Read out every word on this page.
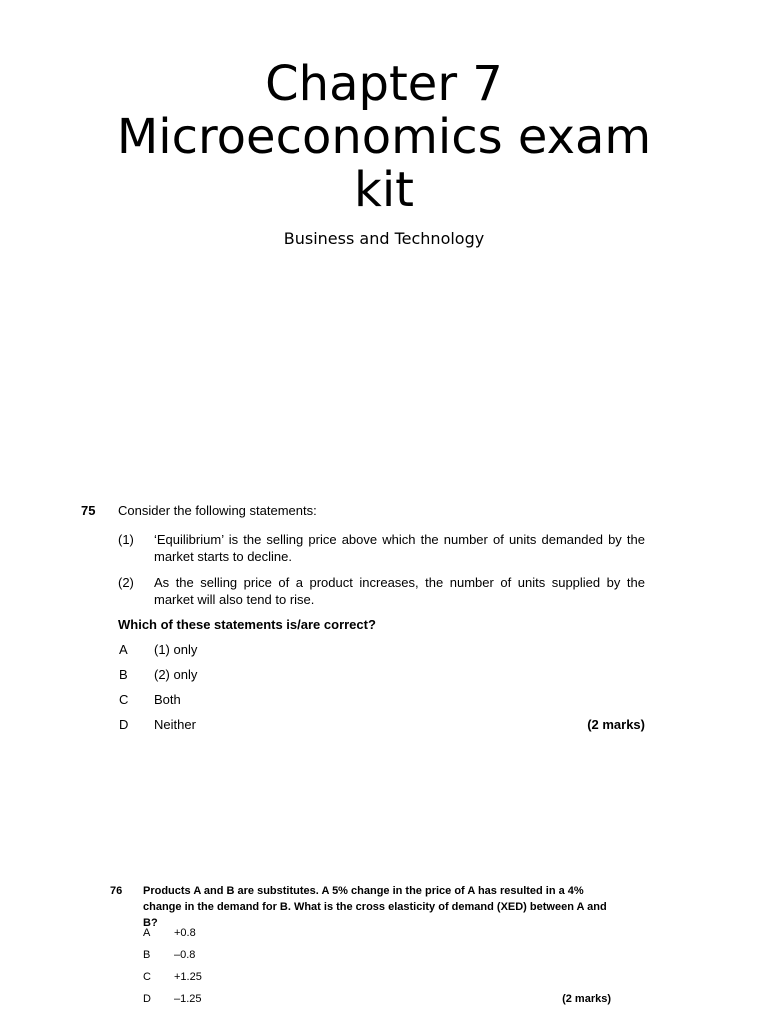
Chapter 7
Microeconomics exam
kit
Business and Technology
75 Consider the following statements:
(1) ‘Equilibrium’ is the selling price above which the number of units demanded by the market starts to decline.
(2) As the selling price of a product increases, the number of units supplied by the market will also tend to rise.
Which of these statements is/are correct?
A (1) only
B (2) only
C Both
D Neither	(2 marks)
76 Products A and B are substitutes. A 5% change in the price of A has resulted in a 4% change in the demand for B. What is the cross elasticity of demand (XED) between A and B?
A +0.8
B –0.8
C +1.25
D –1.25	(2 marks)
